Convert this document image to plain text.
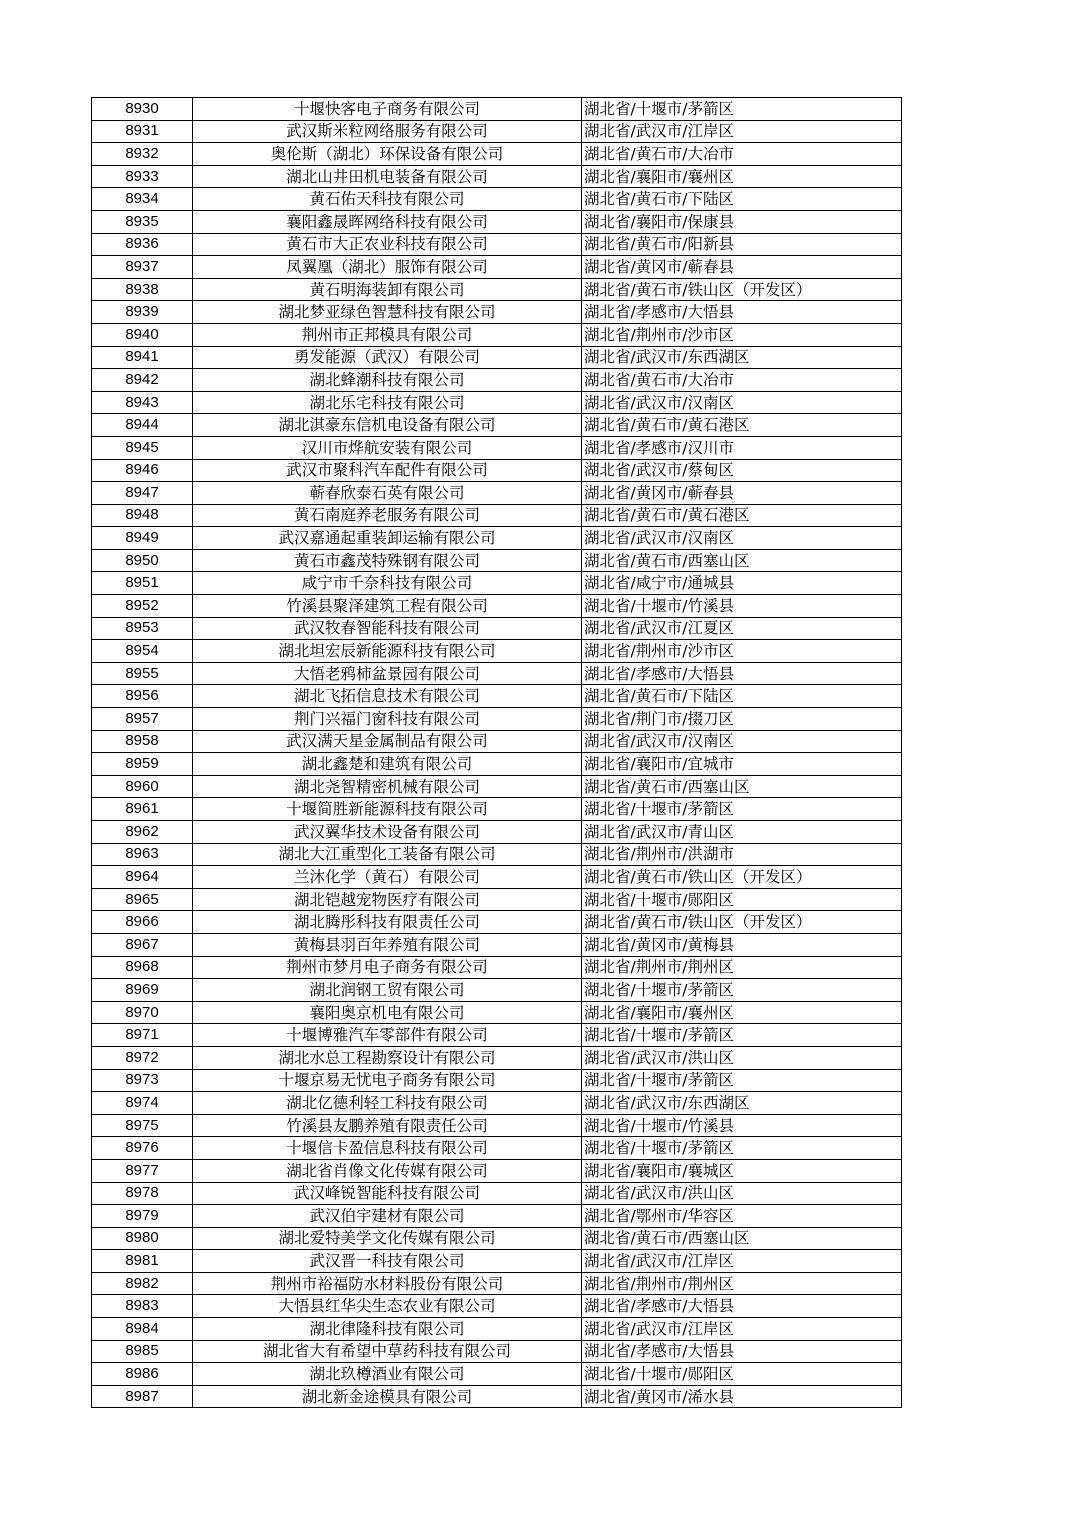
8930	十堰快客电子商务有限公司	湖北省/十堰市/茅箭区
8931	武汉斯米粒网络服务有限公司	湖北省/武汉市/江岸区
8932	奥伦斯（湖北）环保设备有限公司	湖北省/黄石市/大冶市
8933	湖北山井田机电装备有限公司	湖北省/襄阳市/襄州区
8934	黄石佑天科技有限公司	湖北省/黄石市/下陆区
8935	襄阳鑫晟晖网络科技有限公司	湖北省/襄阳市/保康县
8936	黄石市大正农业科技有限公司	湖北省/黄石市/阳新县
8937	凤翼凰（湖北）服饰有限公司	湖北省/黄冈市/蕲春县
8938	黄石明海装卸有限公司	湖北省/黄石市/铁山区（开发区）
8939	湖北梦亚绿色智慧科技有限公司	湖北省/孝感市/大悟县
8940	荆州市正邦模具有限公司	湖北省/荆州市/沙市区
8941	勇发能源（武汉）有限公司	湖北省/武汉市/东西湖区
8942	湖北蜂潮科技有限公司	湖北省/黄石市/大冶市
8943	湖北乐宅科技有限公司	湖北省/武汉市/汉南区
8944	湖北淇豪东信机电设备有限公司	湖北省/黄石市/黄石港区
8945	汉川市烨航安装有限公司	湖北省/孝感市/汉川市
8946	武汉市聚科汽车配件有限公司	湖北省/武汉市/蔡甸区
8947	蕲春欣泰石英有限公司	湖北省/黄冈市/蕲春县
8948	黄石南庭养老服务有限公司	湖北省/黄石市/黄石港区
8949	武汉嘉通起重装卸运输有限公司	湖北省/武汉市/汉南区
8950	黄石市鑫茂特殊钢有限公司	湖北省/黄石市/西塞山区
8951	咸宁市千奈科技有限公司	湖北省/咸宁市/通城县
8952	竹溪县聚泽建筑工程有限公司	湖北省/十堰市/竹溪县
8953	武汉牧春智能科技有限公司	湖北省/武汉市/江夏区
8954	湖北坦宏辰新能源科技有限公司	湖北省/荆州市/沙市区
8955	大悟老鸦柿盆景园有限公司	湖北省/孝感市/大悟县
8956	湖北飞拓信息技术有限公司	湖北省/黄石市/下陆区
8957	荆门兴福门窗科技有限公司	湖北省/荆门市/掇刀区
8958	武汉满天星金属制品有限公司	湖北省/武汉市/汉南区
8959	湖北鑫楚和建筑有限公司	湖北省/襄阳市/宜城市
8960	湖北尧智精密机械有限公司	湖北省/黄石市/西塞山区
8961	十堰简胜新能源科技有限公司	湖北省/十堰市/茅箭区
8962	武汉翼华技术设备有限公司	湖北省/武汉市/青山区
8963	湖北大江重型化工装备有限公司	湖北省/荆州市/洪湖市
8964	兰沐化学（黄石）有限公司	湖北省/黄石市/铁山区（开发区）
8965	湖北铠越宠物医疗有限公司	湖北省/十堰市/郧阳区
8966	湖北腾彤科技有限责任公司	湖北省/黄石市/铁山区（开发区）
8967	黄梅县羽百年养殖有限公司	湖北省/黄冈市/黄梅县
8968	荆州市梦月电子商务有限公司	湖北省/荆州市/荆州区
8969	湖北润钢工贸有限公司	湖北省/十堰市/茅箭区
8970	襄阳奥京机电有限公司	湖北省/襄阳市/襄州区
8971	十堰博雅汽车零部件有限公司	湖北省/十堰市/茅箭区
8972	湖北水总工程勘察设计有限公司	湖北省/武汉市/洪山区
8973	十堰京易无忧电子商务有限公司	湖北省/十堰市/茅箭区
8974	湖北亿德利轻工科技有限公司	湖北省/武汉市/东西湖区
8975	竹溪县友鹏养殖有限责任公司	湖北省/十堰市/竹溪县
8976	十堰信卡盈信息科技有限公司	湖北省/十堰市/茅箭区
8977	湖北省肖像文化传媒有限公司	湖北省/襄阳市/襄城区
8978	武汉峰锐智能科技有限公司	湖北省/武汉市/洪山区
8979	武汉伯宇建材有限公司	湖北省/鄂州市/华容区
8980	湖北爱特美学文化传媒有限公司	湖北省/黄石市/西塞山区
8981	武汉晋一科技有限公司	湖北省/武汉市/江岸区
8982	荆州市裕福防水材料股份有限公司	湖北省/荆州市/荆州区
8983	大悟县红华尖生态农业有限公司	湖北省/孝感市/大悟县
8984	湖北律隆科技有限公司	湖北省/武汉市/江岸区
8985	湖北省大有希望中草药科技有限公司	湖北省/孝感市/大悟县
8986	湖北玖樽酒业有限公司	湖北省/十堰市/郧阳区
8987	湖北新金途模具有限公司	湖北省/黄冈市/浠水县
